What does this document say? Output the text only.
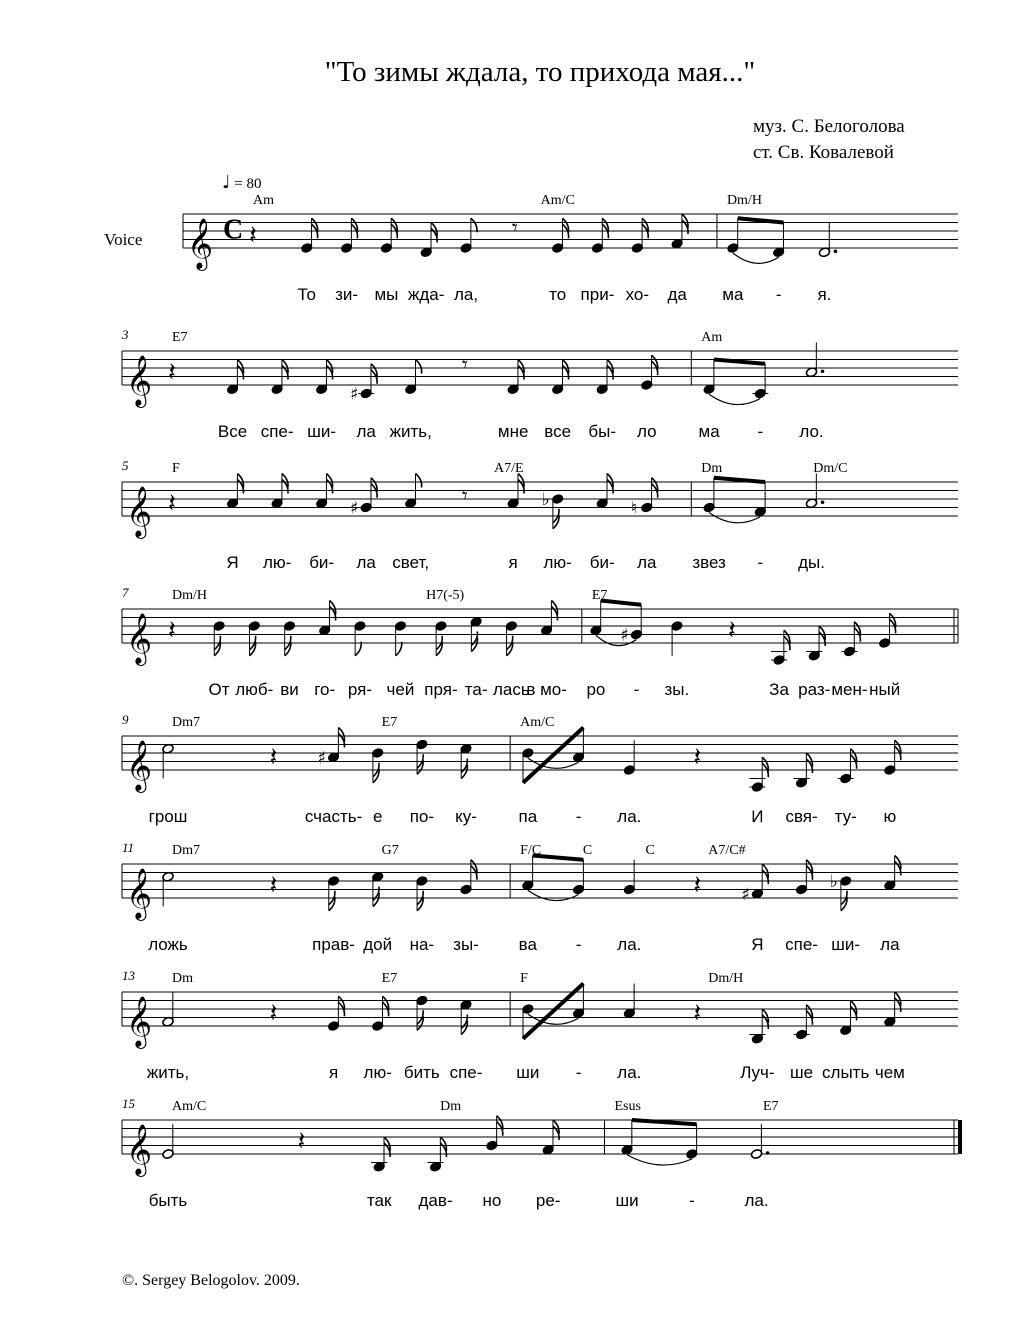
"То зимы ждала, то прихода мая..."
муз. С. Белоголова
ст. Св. Ковалевой
♩ = 80
Voice 𝄞 C 𝄽
То зи- мы жда- ла,
𝄾
то при- хо- да ма - я.
Am	Am/C	Dm/H
3
𝄞 𝄽
Все спе- ши-
♯
ла жить,
𝄾
мне все бы- ло ма - ло.
E7	Am
5
𝄞 𝄽
Я лю- би-
♯
ла свет,
𝄾
я
♭
лю- би-
♮
ла звез - ды.
F	A7/E	Dm	Dm/C
7
𝄞 𝄽
От люб- ви го- ря- чей пря- та- лась
в мо- ро
♯
- зы.
𝄽
За раз- мен- ный
Dm/H	H7(-5)	E7
9
𝄞
грош
𝄽 ♯
счасть- е по- ку- па - ла.
𝄽
И свя- ту- ю
Dm7	E7	Am/C
11
𝄞
ложь
𝄽
прав- дой на- зы- ва - ла.
𝄽 ♯
Я спе-
♭
ши- ла
Dm7	G7	F/C	C	C	A7/C#
13
𝄞
жить,
𝄽
я лю- бить спе- ши - ла.
𝄽
Луч- ше слыть чем
Dm	E7	F	Dm/H
15
𝄞
быть
𝄽
так дав- но ре-	ши	-	ла.
Am/C	Dm	Esus	E7
©. Sergey Belogolov. 2009.
